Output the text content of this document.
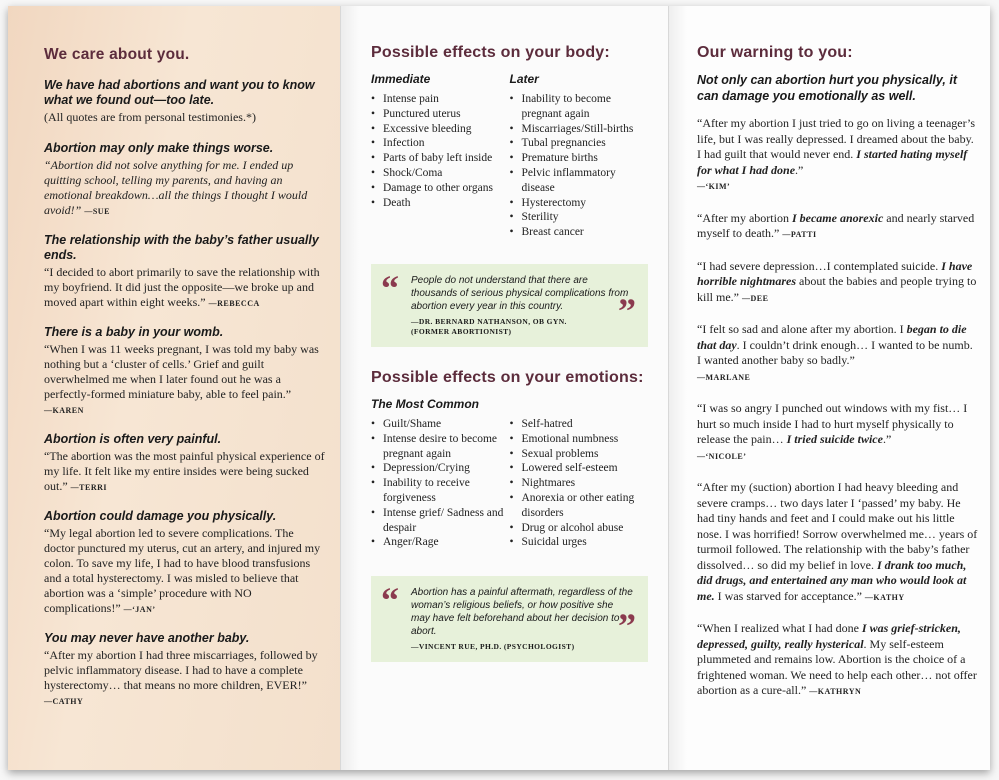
We care about you.

We have had abortions and want you to know what we found out—too late.

(All quotes are from personal testimonies.*)

Abortion may only make things worse.

“Abortion did not solve anything for me. I ended up quitting school, telling my parents, and having an emotional breakdown…all the things I thought I would avoid!” —SUE

The relationship with the baby’s father usually ends.

“I decided to abort primarily to save the relationship with my boyfriend. It did just the opposite—we broke up and moved apart within eight weeks.” —REBECCA

There is a baby in your womb.

“When I was 11 weeks pregnant, I was told my baby was nothing but a ‘cluster of cells.’ Grief and guilt overwhelmed me when I later found out he was a perfectly-formed miniature baby, able to feel pain.”
—KAREN

Abortion is often very painful.

“The abortion was the most painful physical experience of my life. It felt like my entire insides were being sucked out.” —TERRI

Abortion could damage you physically.

“My legal abortion led to severe complications. The doctor punctured my uterus, cut an artery, and injured my colon. To save my life, I had to have blood transfusions and a total hysterectomy. I was misled to believe that abortion was a ‘simple’ procedure with NO complications!” —‘JAN’

You may never have another baby.

“After my abortion I had three miscarriages, followed by pelvic inflammatory disease. I had to have a complete hysterectomy… that means no more children, EVER!”
—CATHY

Possible effects on your body:
Immediate
• Intense pain
• Punctured uterus
• Excessive bleeding
• Infection
• Parts of baby left inside
• Shock/Coma
• Damage to other organs
• Death
Later
• Inability to become pregnant again
• Miscarriages/Still-births
• Tubal pregnancies
• Premature births
• Pelvic inflammatory disease
• Hysterectomy
• Sterility
• Breast cancer
“ People do not understand that there are thousands of serious physical complications from abortion every year in this country.
—DR. BERNARD NATHANSON, OB GYN.
(FORMER ABORTIONIST)
”
Possible effects on your emotions:
The Most Common
• Guilt/Shame
• Intense desire to become pregnant again
• Depression/Crying
• Inability to receive forgiveness
• Intense grief/ Sadness and despair
• Anger/Rage
• Self-hatred
• Emotional numbness
• Sexual problems
• Lowered self-esteem
• Nightmares
• Anorexia or other eating disorders
• Drug or alcohol abuse
• Suicidal urges
“ Abortion has a painful aftermath, regardless of the woman’s religious beliefs, or how positive she may have felt beforehand about her decision to abort.
—VINCENT RUE, PH.D. (PSYCHOLOGIST)
”
Our warning to you:

Not only can abortion hurt you physically, it can damage you emotionally as well.

“After my abortion I just tried to go on living a teenager’s life, but I was really depressed. I dreamed about the baby. I had guilt that would never end. I started hating myself for what I had done.”
—‘KIM’

“After my abortion I became anorexic and nearly starved myself to death.” —PATTI

“I had severe depression…I contemplated suicide. I have horrible nightmares about the babies and people trying to kill me.” —DEE

“I felt so sad and alone after my abortion. I began to die that day. I couldn’t drink enough… I wanted to be numb. I wanted another baby so badly.”
—MARLANE

“I was so angry I punched out windows with my fist… I hurt so much inside I had to hurt myself physically to release the pain… I tried suicide twice.”
—‘NICOLE’

“After my (suction) abortion I had heavy bleeding and severe cramps… two days later I ‘passed’ my baby. He had tiny hands and feet and I could make out his little nose. I was horrified! Sorrow overwhelmed me… years of turmoil followed. The relationship with the baby’s father dissolved… so did my belief in love. I drank too much, did drugs, and entertained any man who would look at me. I was starved for acceptance.” —KATHY

“When I realized what I had done I was grief-stricken, depressed, guilty, really hysterical. My self-esteem plummeted and remains low. Abortion is the choice of a frightened woman. We need to help each other… not offer abortion as a cure-all.” —KATHRYN
